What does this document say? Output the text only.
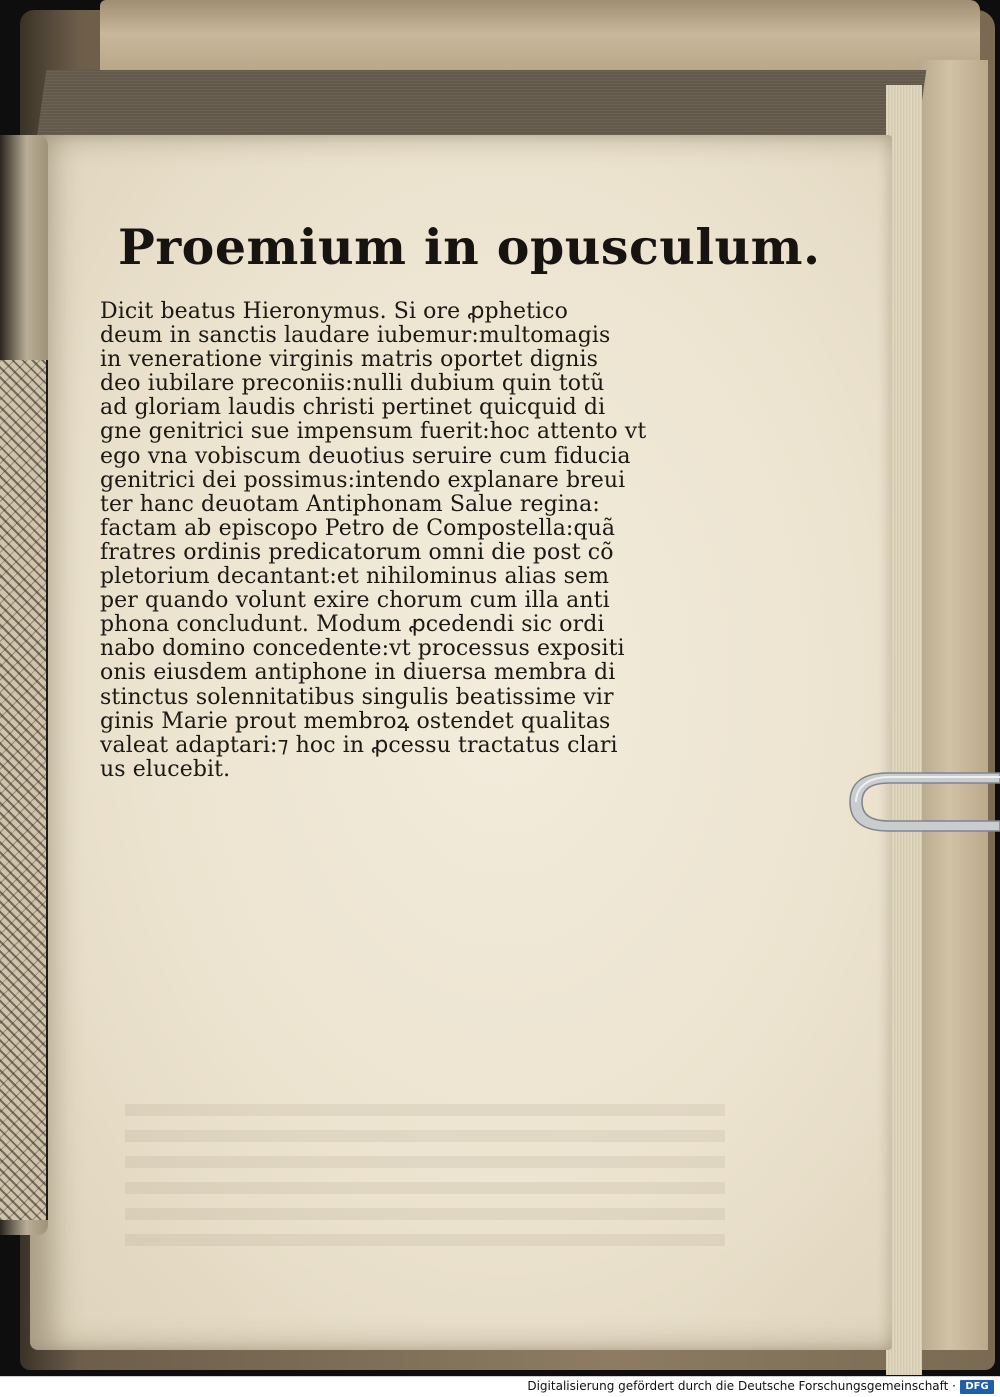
Proemium in opusculum.
Dicit beatus Hieronymus. Si ore ꝓphetico
deum in sanctis laudare iubemur:multomagis
in veneratione virginis matris oportet dignis
deo iubilare preconiis:nulli dubium quin totũ
ad gloriam laudis christi pertinet quicquid di
gne genitrici sue impensum fuerit:hoc attento vt
ego vna vobiscum deuotius seruire cum fiducia
genitrici dei possimus:intendo explanare breui
ter hanc deuotam Antiphonam Salue regina:
factam ab episcopo Petro de Compostella:quã
fratres ordinis predicatorum omni die post cõ
pletorium decantant:et nihilominus alias sem
per quando volunt exire chorum cum illa anti
phona concludunt. Modum ꝓcedendi sic ordi
nabo domino concedente:vt processus expositi
onis eiusdem antiphone in diuersa membra di
stinctus solennitatibus singulis beatissime vir
ginis Marie prout membroꝝ ostendet qualitas
valeat adaptari:⁊ hoc in ꝓcessu tractatus clari
us elucebit.
Digitalisierung gefördert durch die Deutsche Forschungsgemeinschaft · DFG
